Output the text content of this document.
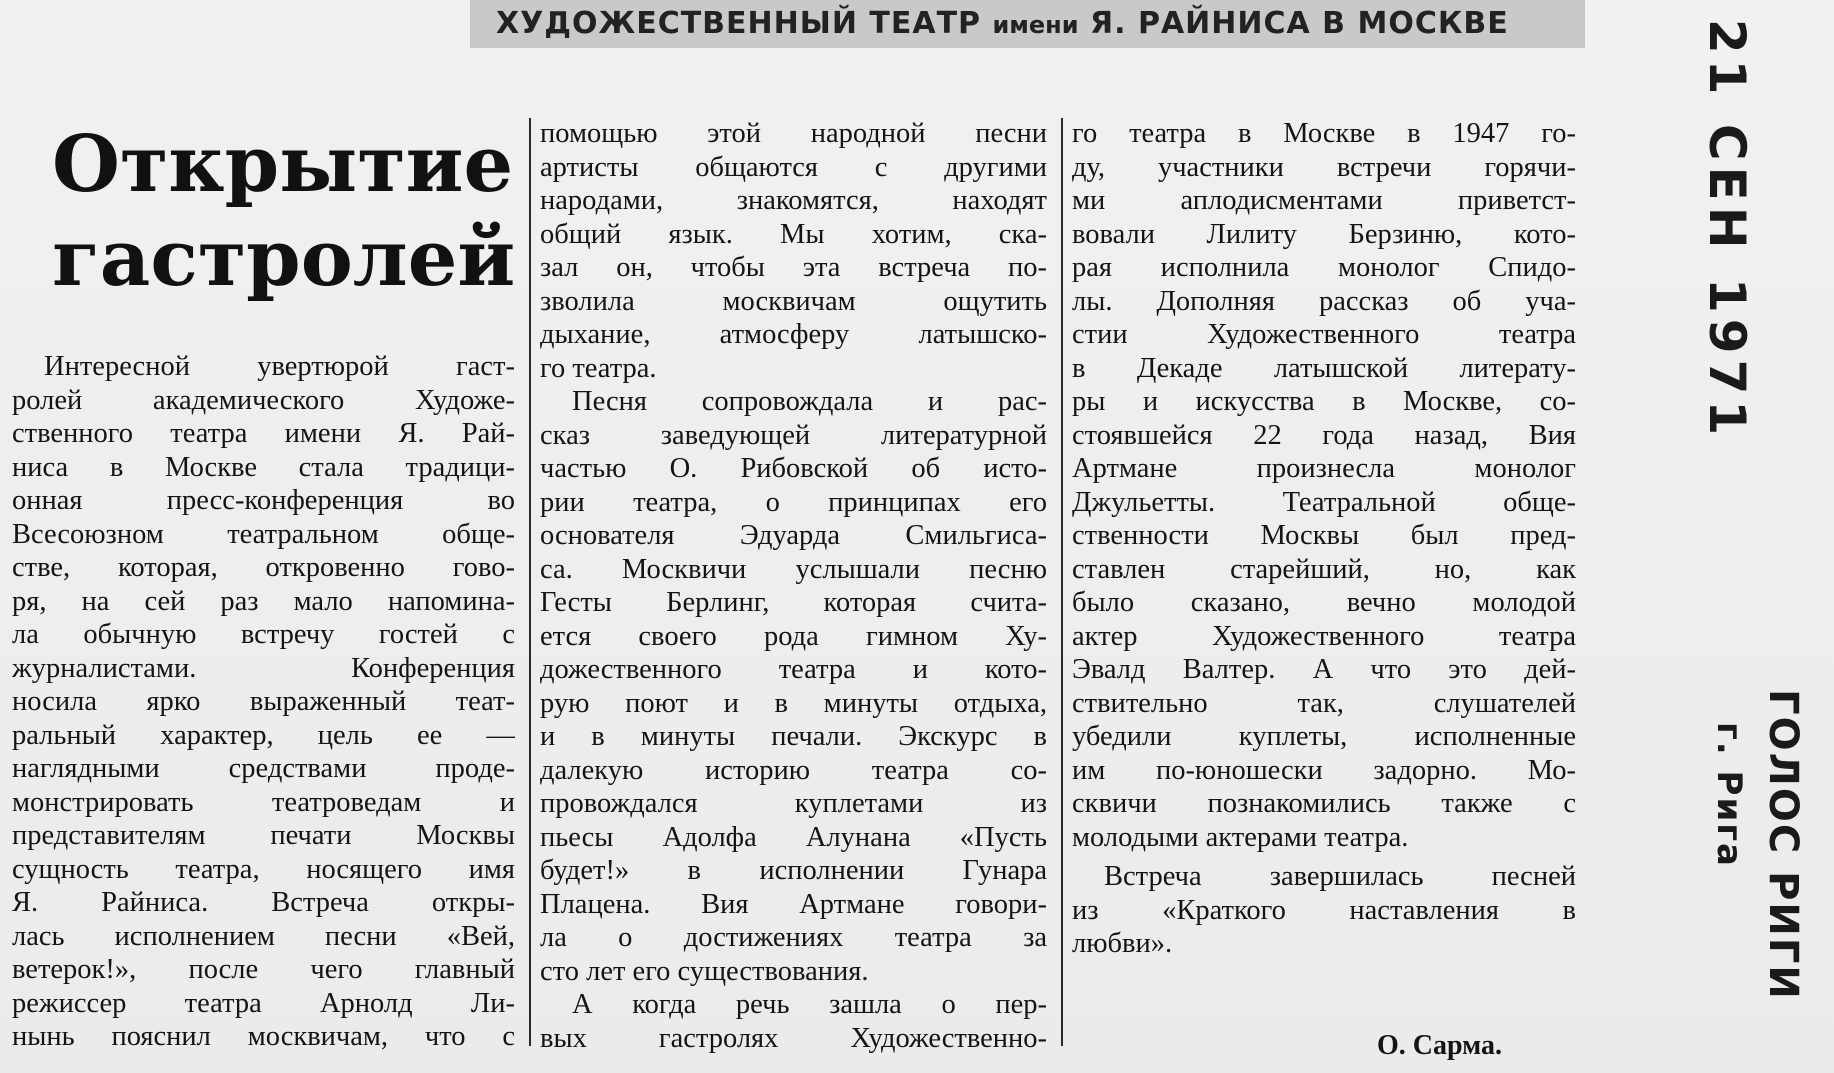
ХУДОЖЕСТВЕННЫЙ ТЕАТР имени Я. РАЙНИСА В МОСКВЕ
Открытие
гастролей
Интересной увертюрой гаст-
ролей академического Художе-
ственного театра имени Я. Рай-
ниса в Москве стала традици-
онная пресс-конференция во
Всесоюзном театральном обще-
стве, которая, откровенно гово-
ря, на сей раз мало напомина-
ла обычную встречу гостей с
журналистами. Конференция
носила ярко выраженный теат-
ральный характер, цель ее —
наглядными средствами проде-
монстрировать театроведам и
представителям печати Москвы
сущность театра, носящего имя
Я. Райниса. Встреча откры-
лась исполнением песни «Вей,
ветерок!», после чего главный
режиссер театра Арнолд Ли-
нынь пояснил москвичам, что с
помощью этой народной песни
артисты общаются с другими
народами, знакомятся, находят
общий язык. Мы хотим, ска-
зал он, чтобы эта встреча по-
зволила москвичам ощутить
дыхание, атмосферу латышско-
го театра.
Песня сопровождала и рас-
сказ заведующей литературной
частью О. Рибовской об исто-
рии театра, о принципах его
основателя Эдуарда Смильгиса-
са. Москвичи услышали песню
Гесты Берлинг, которая счита-
ется своего рода гимном Ху-
дожественного театра и кото-
рую поют и в минуты отдыха,
и в минуты печали. Экскурс в
далекую историю театра со-
провождался куплетами из
пьесы Адолфа Алунана «Пусть
будет!» в исполнении Гунара
Плацена. Вия Артмане говори-
ла о достижениях театра за
сто лет его существования.
А когда речь зашла о пер-
вых гастролях Художественно-
го театра в Москве в 1947 го-
ду, участники встречи горячи-
ми аплодисментами приветст-
вовали Лилиту Берзиню, кото-
рая исполнила монолог Спидо-
лы. Дополняя рассказ об уча-
стии Художественного театра
в Декаде латышской литерату-
ры и искусства в Москве, со-
стоявшейся 22 года назад, Вия
Артмане произнесла монолог
Джульетты. Театральной обще-
ственности Москвы был пред-
ставлен старейший, но, как
было сказано, вечно молодой
актер Художественного театра
Эвалд Валтер. А что это дей-
ствительно так, слушателей
убедили куплеты, исполненные
им по-юношески задорно. Мо-
сквичи познакомились также с
молодыми актерами театра.
Встреча завершилась песней
из «Краткого наставления в
любви».
О. Сарма.
21 СЕН 1971
ГОЛОС РИГИ
г. Рига
